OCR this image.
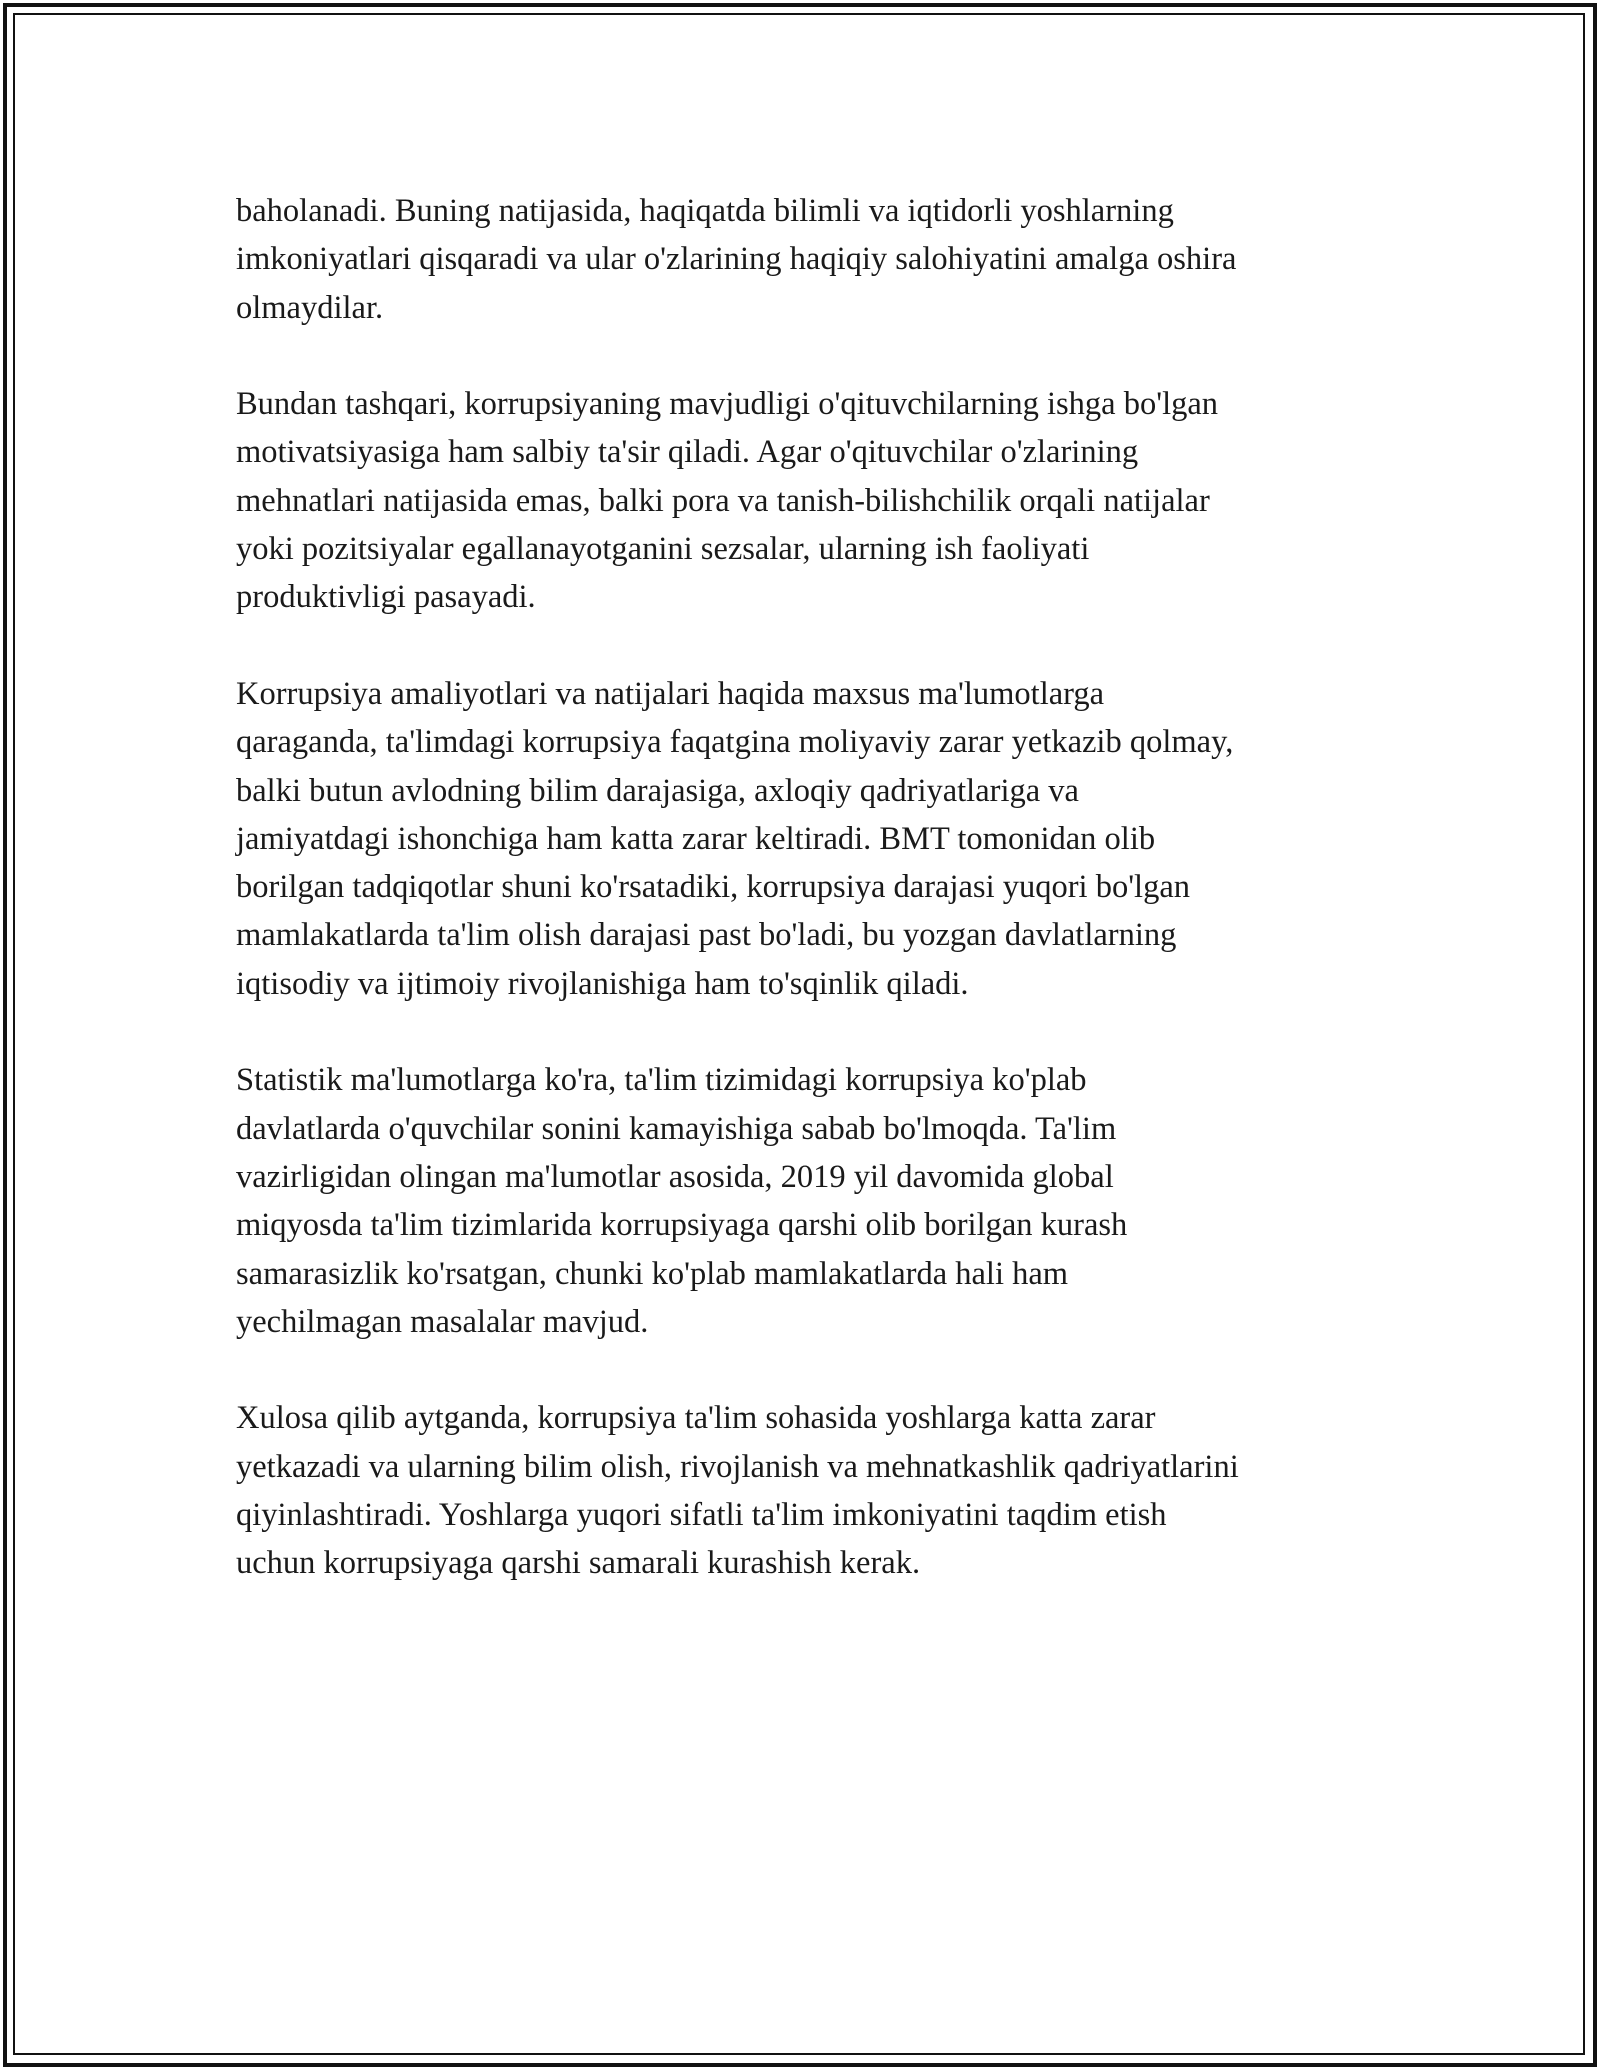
baholanadi. Buning natijasida, haqiqatda bilimli va iqtidorli yoshlarning
imkoniyatlari qisqaradi va ular o'zlarining haqiqiy salohiyatini amalga oshira
olmaydilar.

Bundan tashqari, korrupsiyaning mavjudligi o'qituvchilarning ishga bo'lgan
motivatsiyasiga ham salbiy ta'sir qiladi. Agar o'qituvchilar o'zlarining
mehnatlari natijasida emas, balki pora va tanish-bilishchilik orqali natijalar
yoki pozitsiyalar egallanayotganini sezsalar, ularning ish faoliyati
produktivligi pasayadi.

Korrupsiya amaliyotlari va natijalari haqida maxsus ma'lumotlarga
qaraganda, ta'limdagi korrupsiya faqatgina moliyaviy zarar yetkazib qolmay,
balki butun avlodning bilim darajasiga, axloqiy qadriyatlariga va
jamiyatdagi ishonchiga ham katta zarar keltiradi. BMT tomonidan olib
borilgan tadqiqotlar shuni ko'rsatadiki, korrupsiya darajasi yuqori bo'lgan
mamlakatlarda ta'lim olish darajasi past bo'ladi, bu yozgan davlatlarning
iqtisodiy va ijtimoiy rivojlanishiga ham to'sqinlik qiladi.

Statistik ma'lumotlarga ko'ra, ta'lim tizimidagi korrupsiya ko'plab
davlatlarda o'quvchilar sonini kamayishiga sabab bo'lmoqda. Ta'lim
vazirligidan olingan ma'lumotlar asosida, 2019 yil davomida global
miqyosda ta'lim tizimlarida korrupsiyaga qarshi olib borilgan kurash
samarasizlik ko'rsatgan, chunki ko'plab mamlakatlarda hali ham
yechilmagan masalalar mavjud.

Xulosa qilib aytganda, korrupsiya ta'lim sohasida yoshlarga katta zarar
yetkazadi va ularning bilim olish, rivojlanish va mehnatkashlik qadriyatlarini
qiyinlashtiradi. Yoshlarga yuqori sifatli ta'lim imkoniyatini taqdim etish
uchun korrupsiyaga qarshi samarali kurashish kerak.
